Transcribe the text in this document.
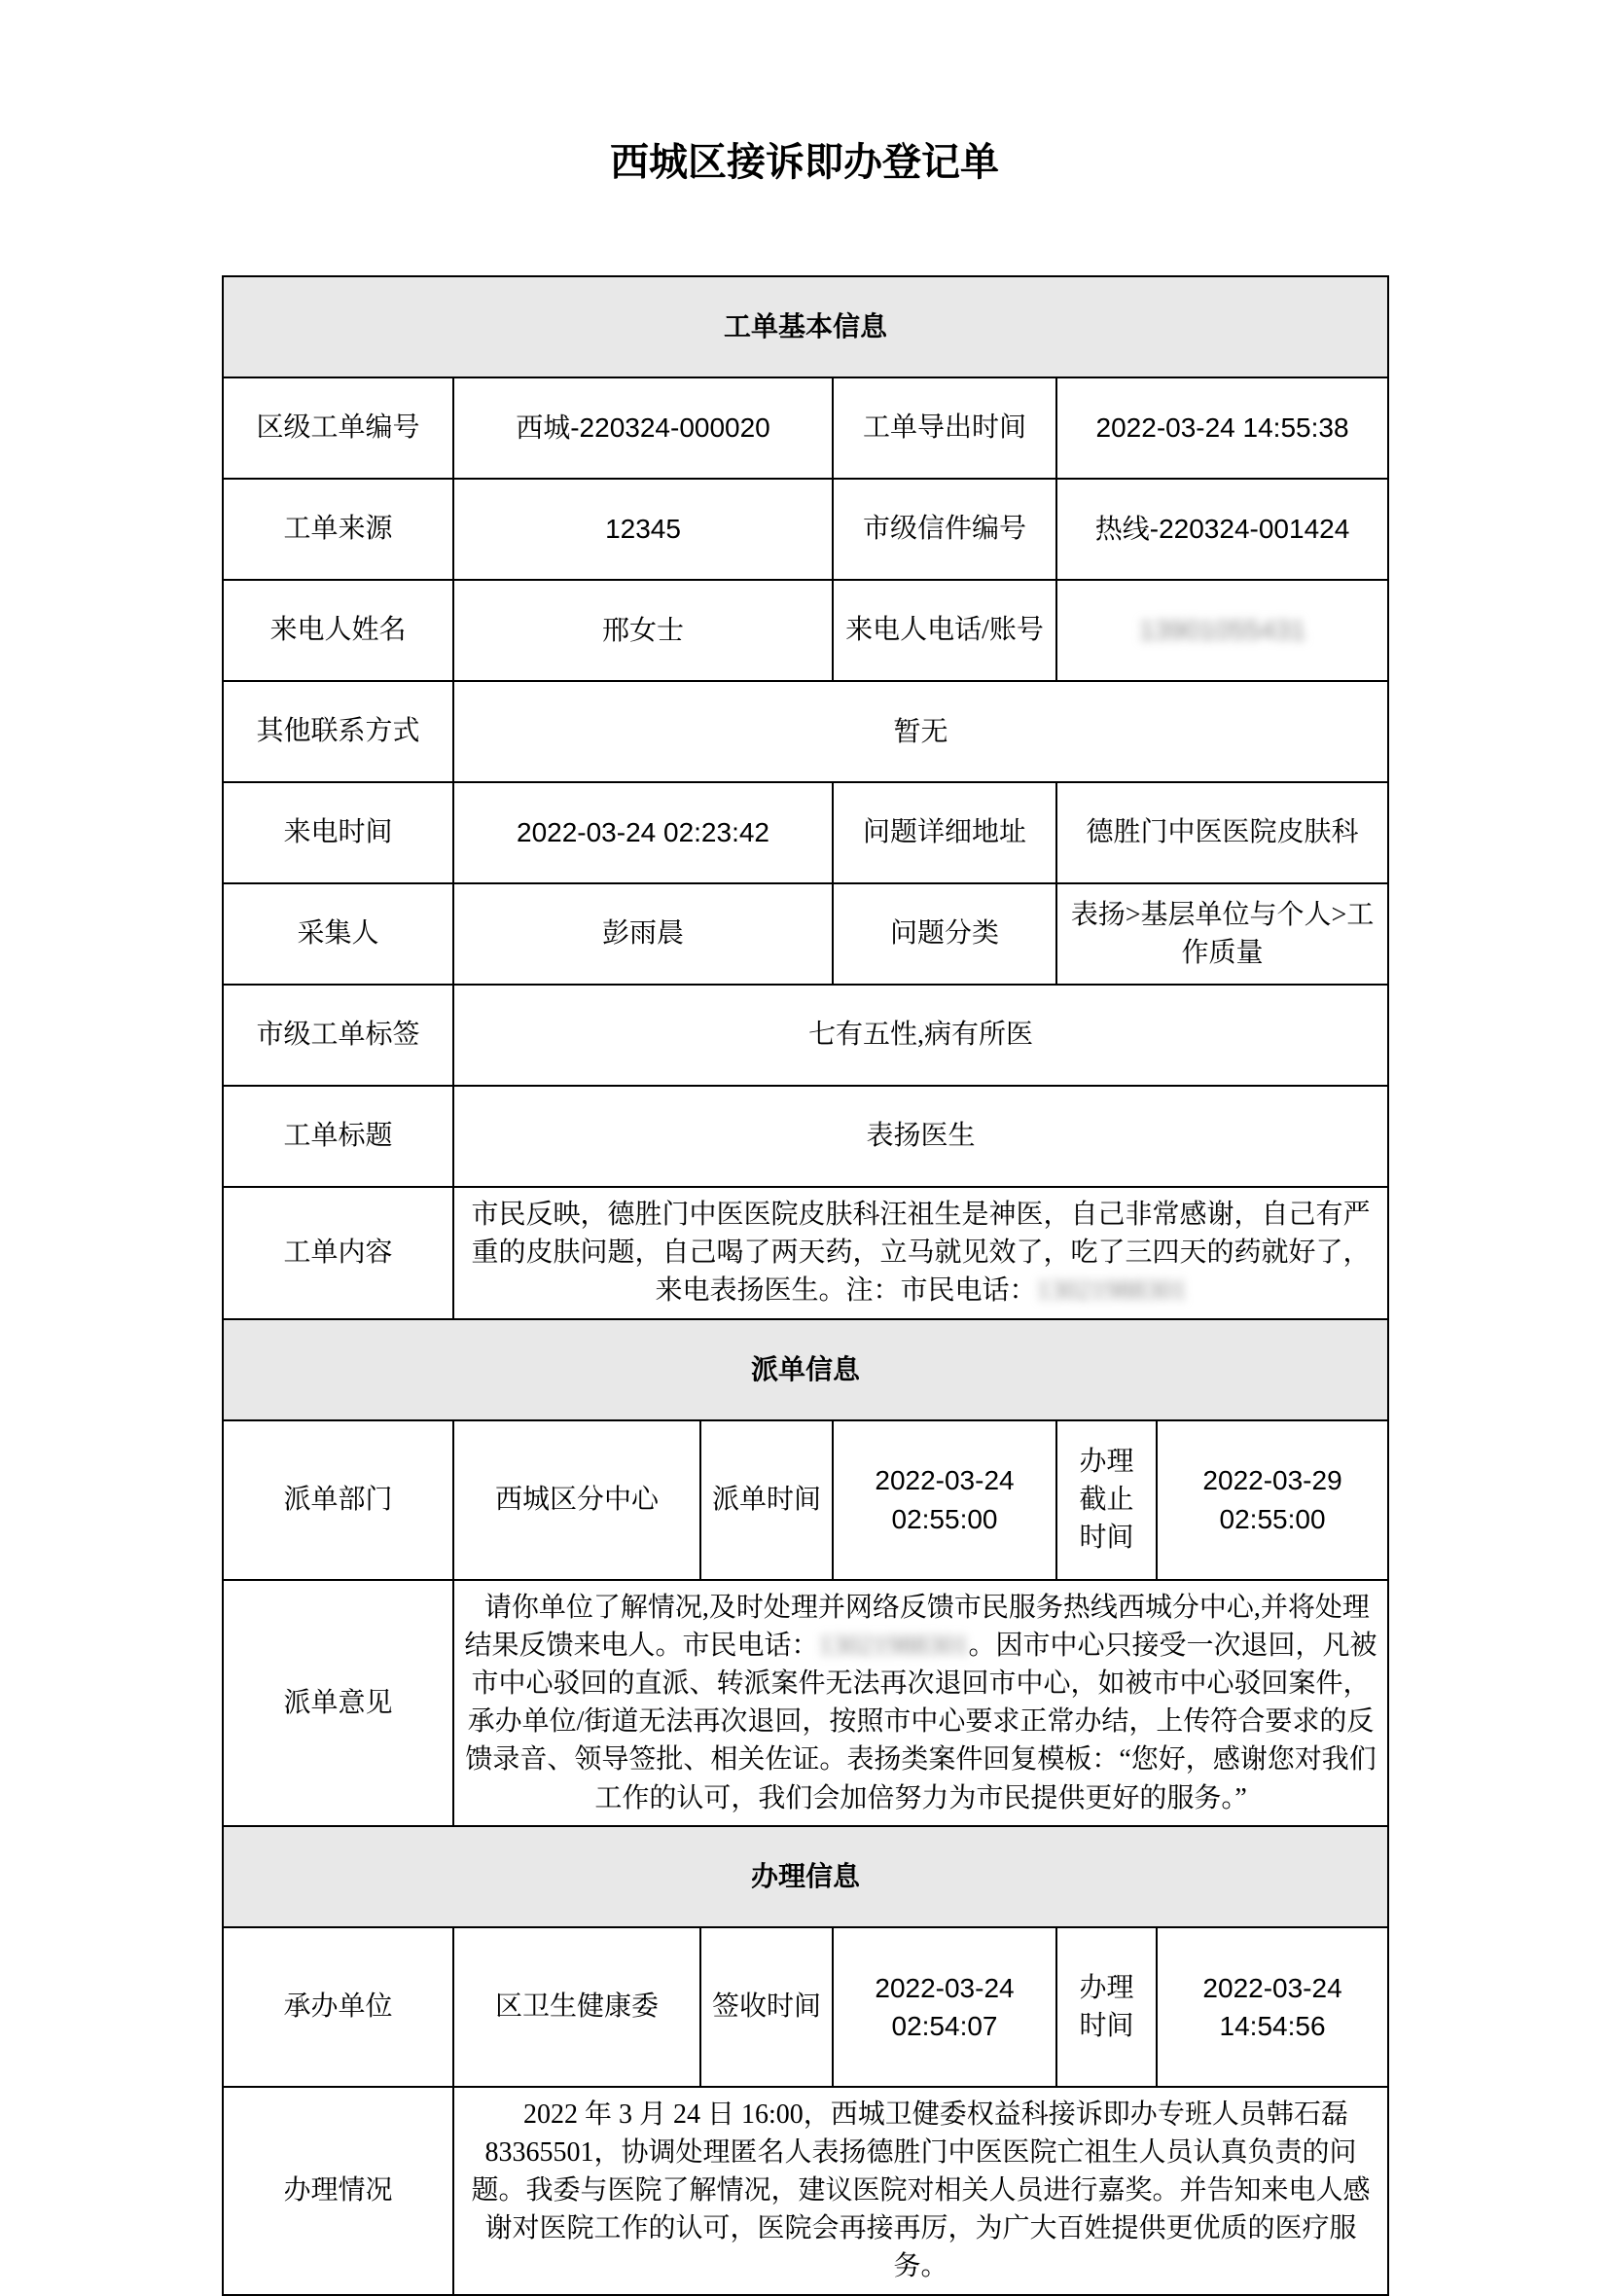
西城区接诉即办登记单
工单基本信息					
区级工单编号	西城-220324-000020		工单导出时间	2022-03-24 14:55:38	
工单来源	12345		市级信件编号	热线-220324-001424	
来电人姓名	邢女士		来电人电话/账号	13901055431	
其他联系方式	暂无				
来电时间	2022-03-24 02:23:42		问题详细地址	德胜门中医医院皮肤科	
采集人	彭雨晨		问题分类	表扬>基层单位与个人>工作质量	
市级工单标签	七有五性,病有所医				
工单标题	表扬医生				
工单内容	市民反映，德胜门中医医院皮肤科汪祖生是神医，自己非常感谢，自己有严重的皮肤问题，自己喝了两天药，立马就见效了，吃了三四天的药就好了，来电表扬医生。注：市民电话：13021988301				
派单信息					
派单部门	西城区分中心	派单时间	2022-03-24 02:55:00	办理截止时间	2022-03-29 02:55:00
派单意见	请你单位了解情况,及时处理并网络反馈市民服务热线西城分中心,并将处理结果反馈来电人。市民电话：13021988301。因市中心只接受一次退回，凡被市中心驳回的直派、转派案件无法再次退回市中心，如被市中心驳回案件，承办单位/街道无法再次退回，按照市中心要求正常办结，上传符合要求的反馈录音、领导签批、相关佐证。表扬类案件回复模板：“您好，感谢您对我们工作的认可，我们会加倍努力为市民提供更好的服务。”				

办理信息					
承办单位	区卫生健康委	签收时间	2022-03-24 02:54:07	办理时间	2022-03-24 14:54:56
办理情况	2022 年 3 月 24 日 16:00，西城卫健委权益科接诉即办专班人员韩石磊83365501，协调处理匿名人表扬德胜门中医医院亡祖生人员认真负责的问题。我委与医院了解情况，建议医院对相关人员进行嘉奖。并告知来电人感谢对医院工作的认可，医院会再接再厉，为广大百姓提供更优质的医疗服务。				
